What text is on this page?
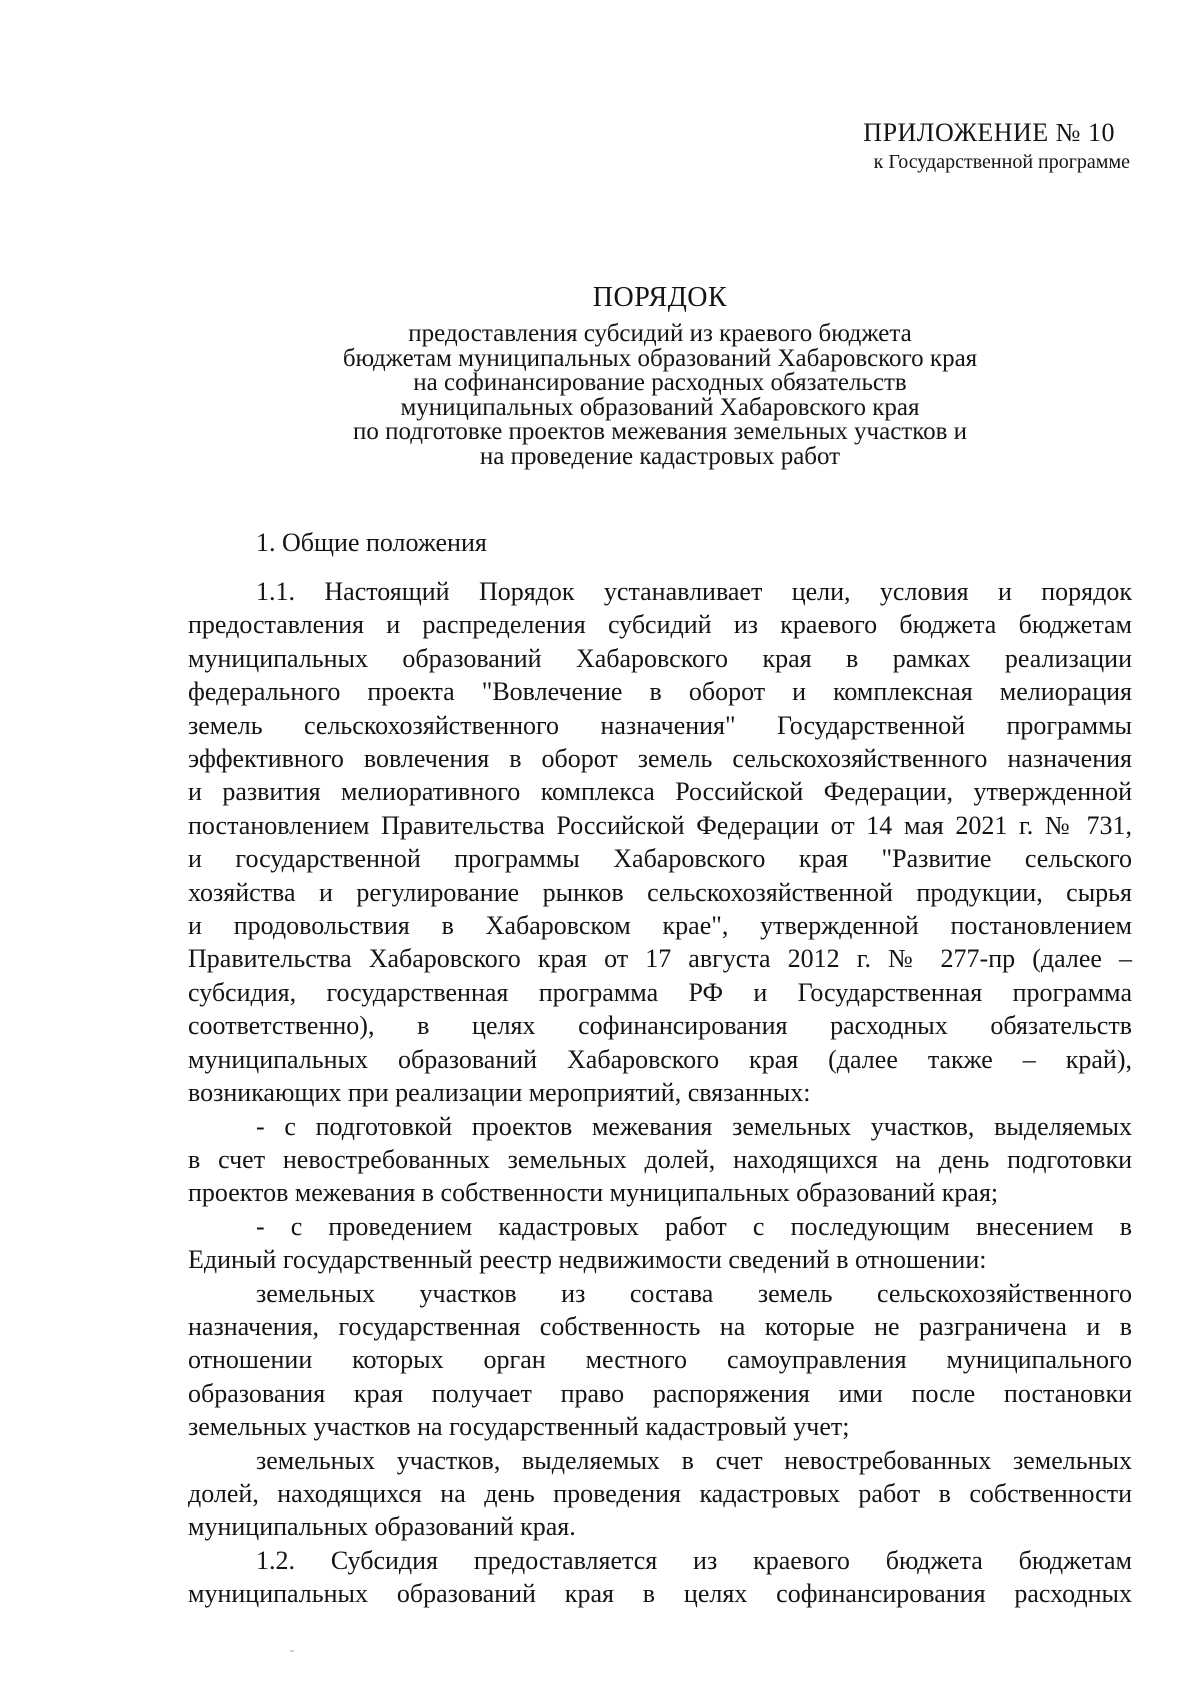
ПРИЛОЖЕНИЕ № 10
к Государственной программе
ПОРЯДОК
предоставления субсидий из краевого бюджета
бюджетам муниципальных образований Хабаровского края
на софинансирование расходных обязательств
муниципальных образований Хабаровского края
по подготовке проектов межевания земельных участков и
на проведение кадастровых работ
1. Общие положения
1.1. Настоящий Порядок устанавливает цели, условия и порядок
предоставления и распределения субсидий из краевого бюджета бюджетам
муниципальных образований Хабаровского края в рамках реализации
федерального проекта "Вовлечение в оборот и комплексная мелиорация
земель сельскохозяйственного назначения" Государственной программы
эффективного вовлечения в оборот земель сельскохозяйственного назначения
и развития мелиоративного комплекса Российской Федерации, утвержденной
постановлением Правительства Российской Федерации от 14 мая 2021 г. № 731,
и государственной программы Хабаровского края "Развитие сельского
хозяйства и регулирование рынков сельскохозяйственной продукции, сырья
и продовольствия в Хабаровском крае", утвержденной постановлением
Правительства Хабаровского края от 17 августа 2012 г. № 277-пр (далее –
субсидия, государственная программа РФ и Государственная программа
соответственно), в целях софинансирования расходных обязательств
муниципальных образований Хабаровского края (далее также – край),
возникающих при реализации мероприятий, связанных:
- с подготовкой проектов межевания земельных участков, выделяемых
в счет невостребованных земельных долей, находящихся на день подготовки
проектов межевания в собственности муниципальных образований края;
- с проведением кадастровых работ с последующим внесением в
Единый государственный реестр недвижимости сведений в отношении:
земельных участков из состава земель сельскохозяйственного
назначения, государственная собственность на которые не разграничена и в
отношении которых орган местного самоуправления муниципального
образования края получает право распоряжения ими после постановки
земельных участков на государственный кадастровый учет;
земельных участков, выделяемых в счет невостребованных земельных
долей, находящихся на день проведения кадастровых работ в собственности
муниципальных образований края.
1.2. Субсидия предоставляется из краевого бюджета бюджетам
муниципальных образований края в целях софинансирования расходных
